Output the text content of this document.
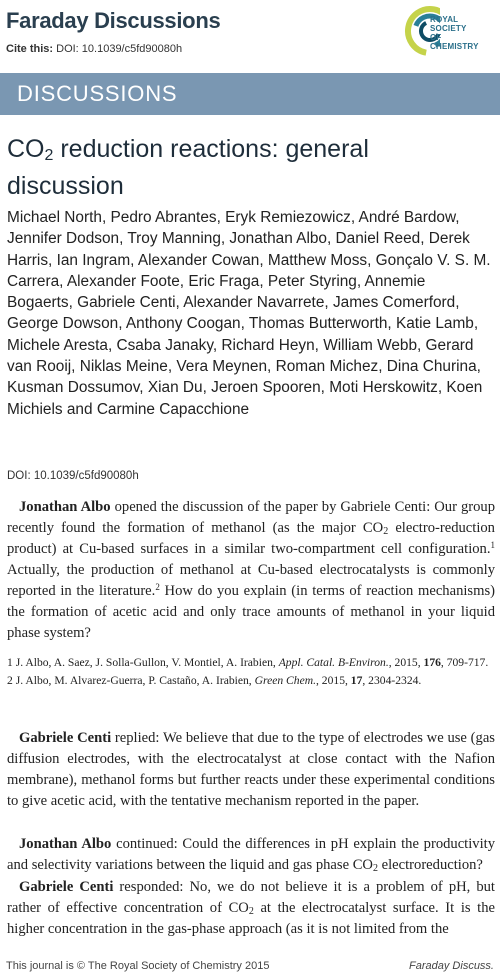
Faraday Discussions
Cite this: DOI: 10.1039/c5fd90080h
ROYAL SOCIETY
OF CHEMISTRY
DISCUSSIONS
$CO_2$ reduction reactions: general discussion
Michael North, Pedro Abrantes, Eryk Remiezowicz, André Bardow, Jennifer Dodson, Troy Manning, Jonathan Albo, Daniel Reed, Derek Harris, Ian Ingram, Alexander Cowan, Matthew Moss, Gonçalo V. S. M. Carrera, Alexander Foote, Eric Fraga, Peter Styring, Annemie Bogaerts, Gabriele Centi, Alexander Navarrete, James Comerford, George Dowson, Anthony Coogan, Thomas Butterworth, Katie Lamb, Michele Aresta, Csaba Janaky, Richard Heyn, William Webb, Gerard van Rooij, Niklas Meine, Vera Meynen, Roman Michez, Dina Churina, Kusman Dossumov, Xian Du, Jeroen Spooren, Moti Herskowitz, Koen Michiels and Carmine Capacchione
DOI: 10.1039/c5fd90080h

Jonathan Albo opened the discussion of the paper by Gabriele Centi: Our group recently found the formation of methanol (as the major $CO_2$ electro-reduction product) at Cu-based surfaces in a similar two-compartment cell configuration.$^1$ Actually, the production of methanol at Cu-based electrocatalysts is commonly reported in the literature.$^2$ How do you explain (in terms of reaction mechanisms) the formation of acetic acid and only trace amounts of methanol in your liquid phase system?

1 J. Albo, A. Saez, J. Solla-Gullon, V. Montiel, A. Irabien, Appl. Catal. B-Environ., 2015, 176, 709-717.
2 J. Albo, M. Alvarez-Guerra, P. Castaño, A. Irabien, Green Chem., 2015, 17, 2304-2324.

Gabriele Centi replied: We believe that due to the type of electrodes we use (gas diffusion electrodes, with the electrocatalyst at close contact with the Nafion membrane), methanol forms but further reacts under these experimental conditions to give acetic acid, with the tentative mechanism reported in the paper.

Jonathan Albo continued: Could the differences in pH explain the productivity and selectivity variations between the liquid and gas phase $CO_2$ electroreduction?

Gabriele Centi responded: No, we do not believe it is a problem of pH, but rather of effective concentration of $CO_2$ at the electrocatalyst surface. It is the higher concentration in the gas-phase approach (as it is not limited from the

This journal is © The Royal Society of Chemistry 2015	Faraday Discuss.
